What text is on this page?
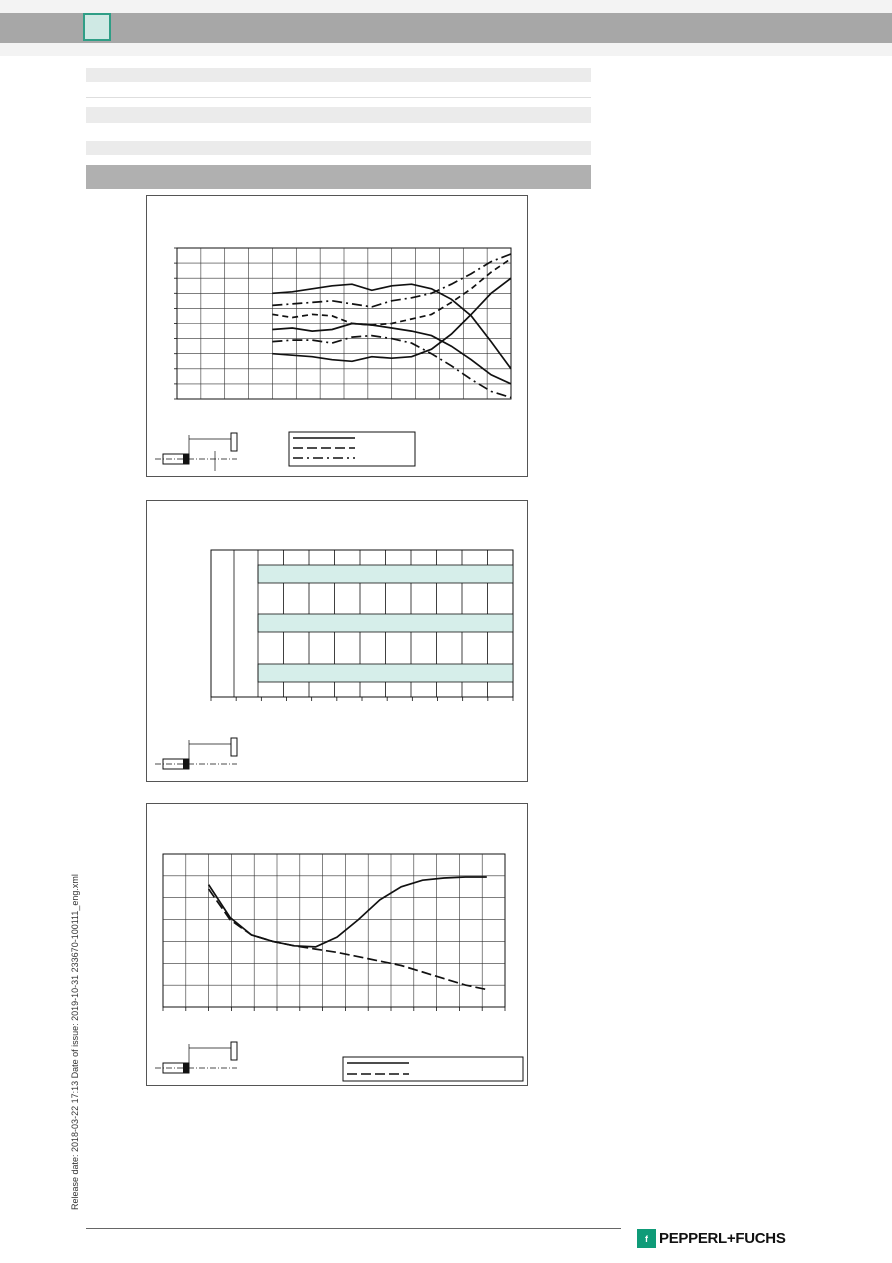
Release date: 2018-03-22 17:13 Date of issue: 2019-10-31 233670-100111_eng.xml
f PEPPERL+FUCHS
